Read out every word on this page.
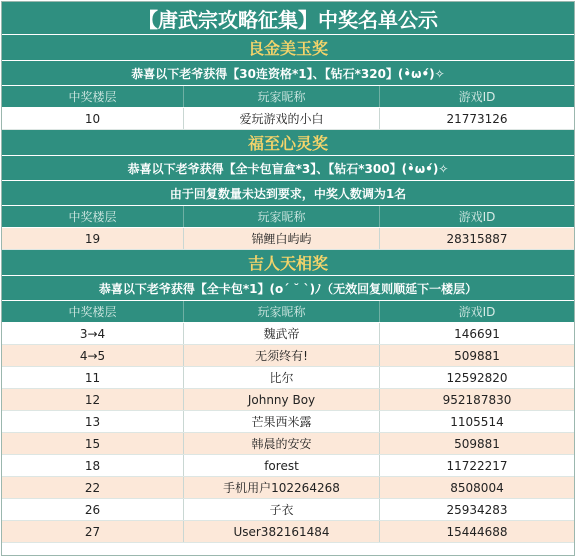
【唐武宗攻略征集】中奖名单公示
良金美玉奖
恭喜以下老爷获得【30连资格*1】、【钻石*320】(•̀ω•́)✧
中奖楼层	玩家昵称	游戏ID
10	爱玩游戏的小白	21773126
福至心灵奖
恭喜以下老爷获得【全卡包盲盒*3】、【钻石*300】(•̀ω•́)✧
由于回复数量未达到要求，中奖人数调为1名
中奖楼层	玩家昵称	游戏ID
19	锦鲤白屿屿	28315887
吉人天相奖
恭喜以下老爷获得【全卡包*1】(o´ ˘ `)ﾉ（无效回复则顺延下一楼层）
中奖楼层	玩家昵称	游戏ID
3→4	魏武帝	146691
4→5	无须终有!	509881
11	比尔	12592820
12	Johnny Boy	952187830
13	芒果西米露	1105514
15	韩晨的安安	509881
18	forest	11722217
22	手机用户102264268	8508004
26	子衣	25934283
27	User382161484	15444688
